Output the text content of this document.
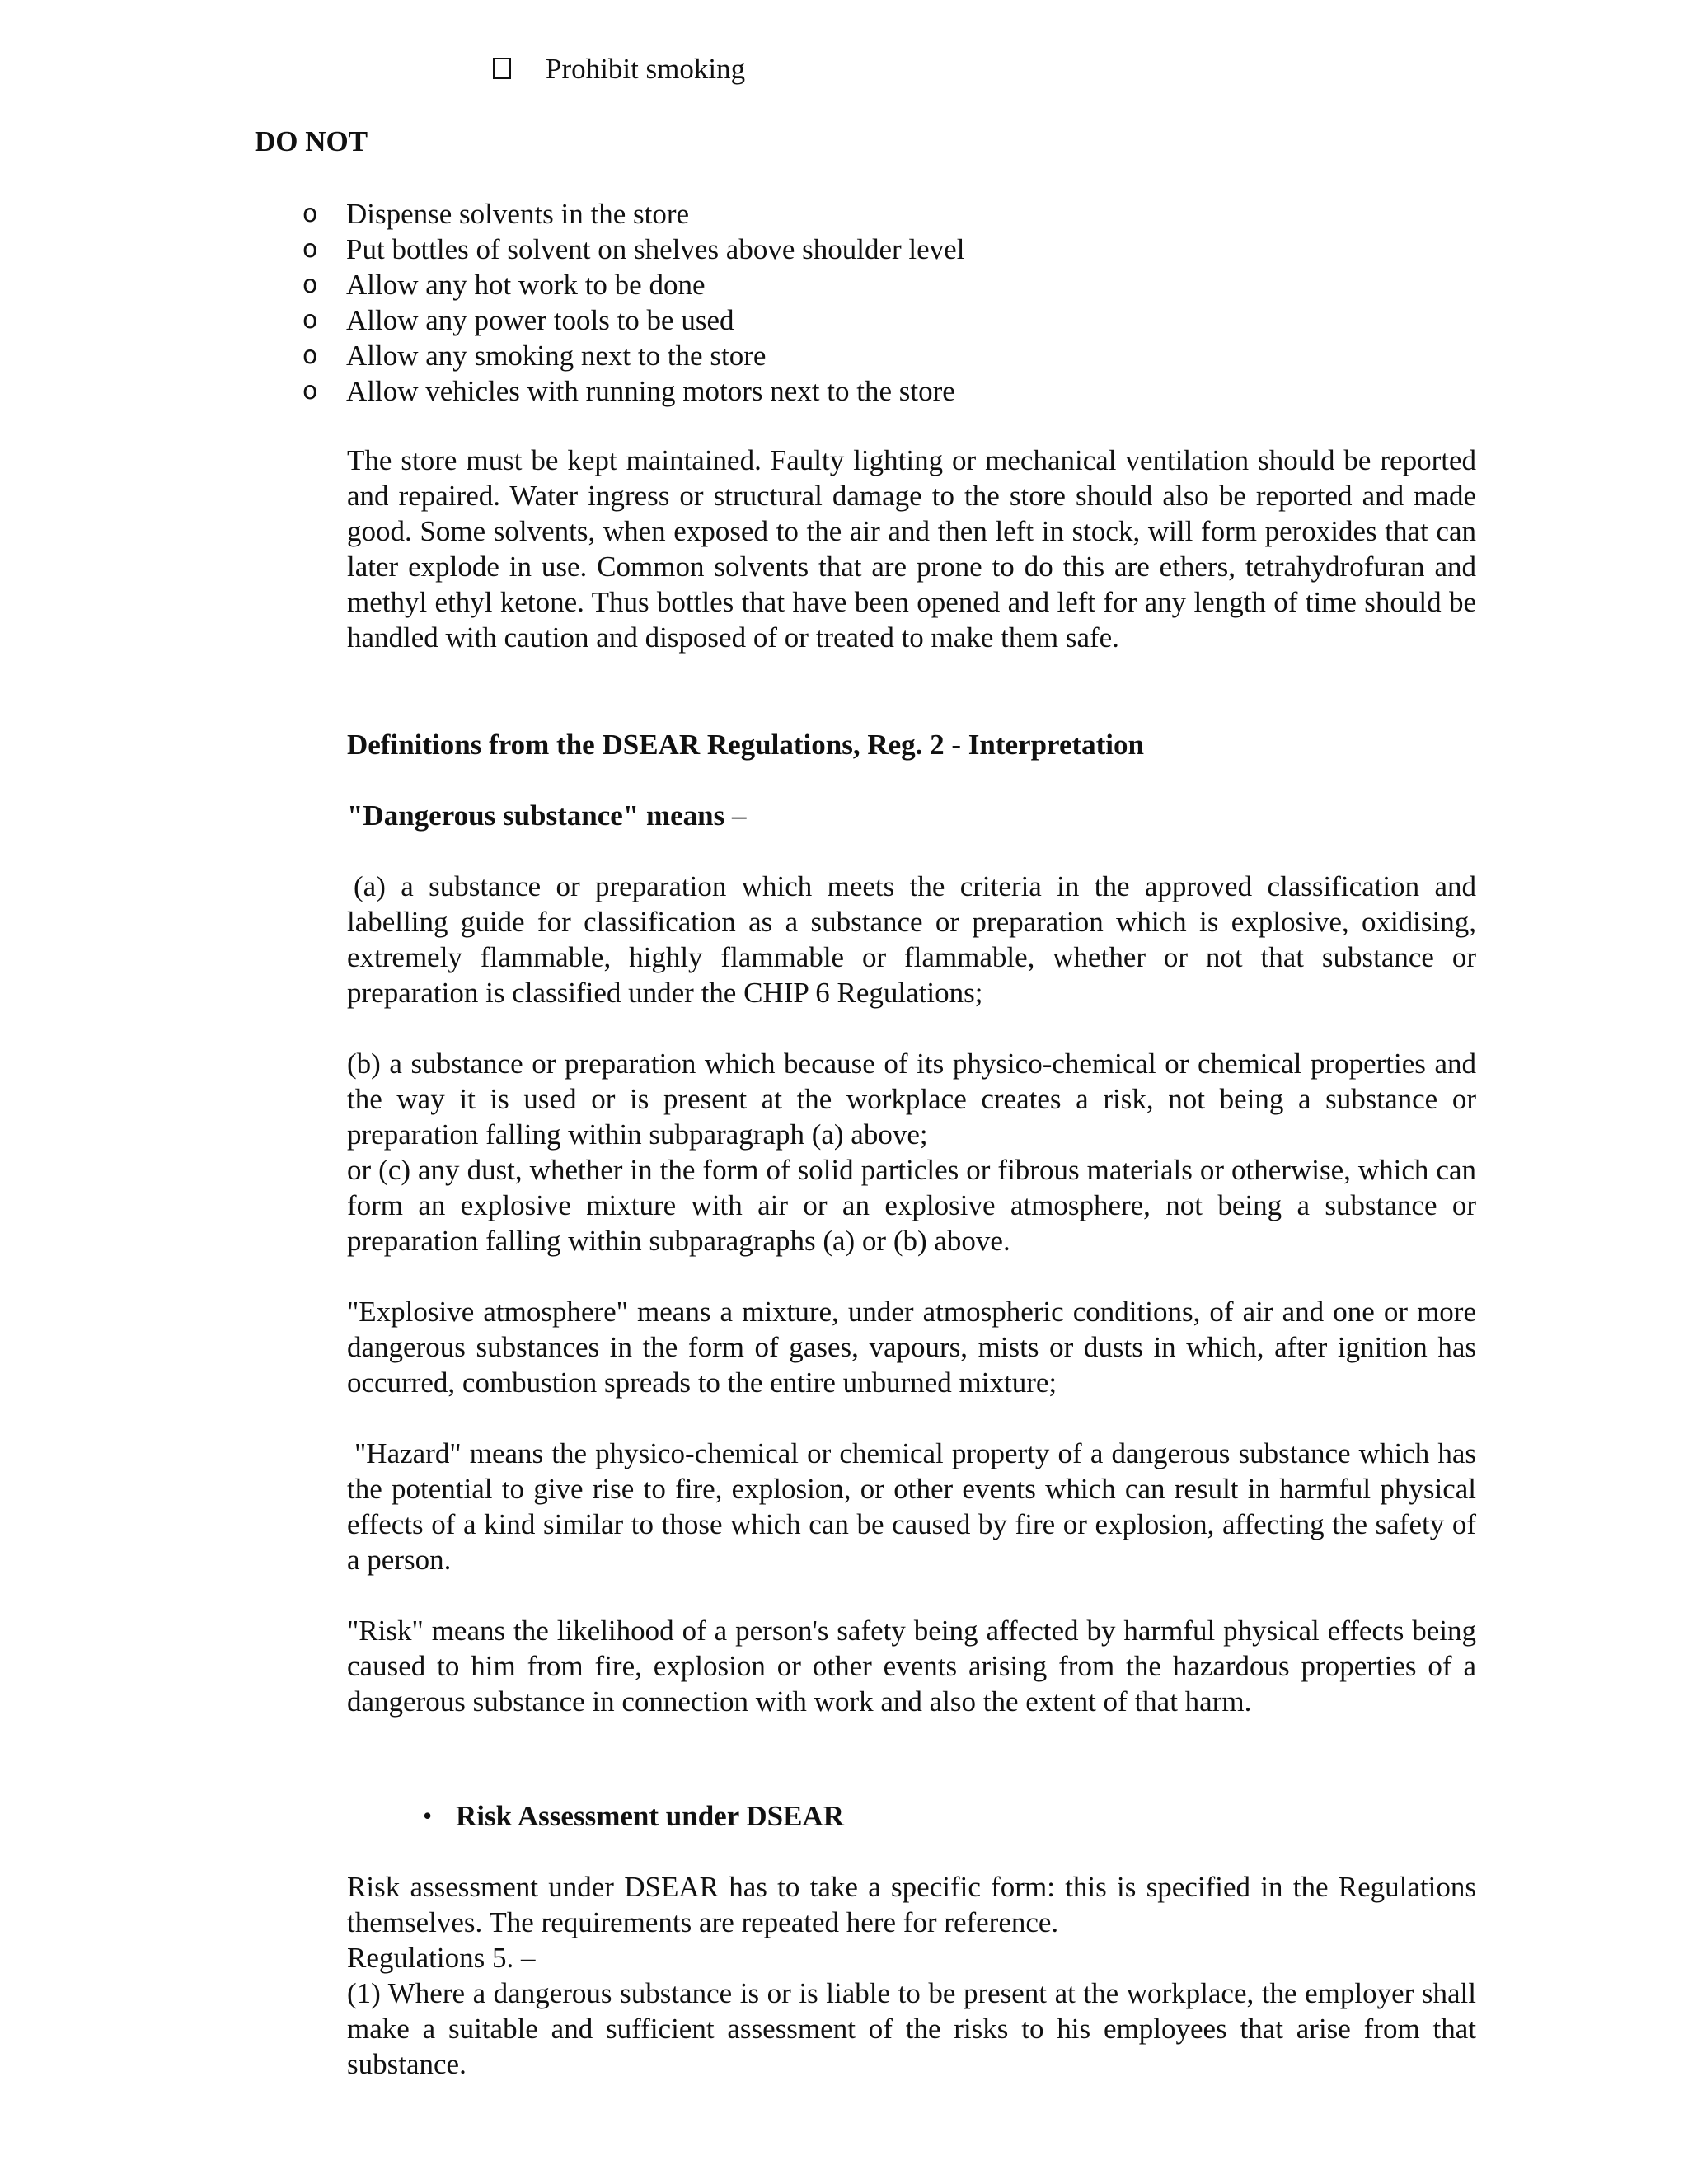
Prohibit smoking
DO NOT
o Dispense solvents in the store
o Put bottles of solvent on shelves above shoulder level
o Allow any hot work to be done
o Allow any power tools to be used
o Allow any smoking next to the store
o Allow vehicles with running motors next to the store

The store must be kept maintained. Faulty lighting or mechanical ventilation should be reported and repaired. Water ingress or structural damage to the store should also be reported and made good. Some solvents, when exposed to the air and then left in stock, will form peroxides that can later explode in use. Common solvents that are prone to do this are ethers, tetrahydrofuran and methyl ethyl ketone. Thus bottles that have been opened and left for any length of time should be handled with caution and disposed of or treated to make them safe.

Definitions from the DSEAR Regulations, Reg. 2 - Interpretation
"Dangerous substance" means –

(a) a substance or preparation which meets the criteria in the approved classification and labelling guide for classification as a substance or preparation which is explosive, oxidising, extremely flammable, highly flammable or flammable, whether or not that substance or preparation is classified under the CHIP 6 Regulations;

(b) a substance or preparation which because of its physico-chemical or chemical properties and the way it is used or is present at the workplace creates a risk, not being a substance or preparation falling within subparagraph (a) above;

or (c) any dust, whether in the form of solid particles or fibrous materials or otherwise, which can form an explosive mixture with air or an explosive atmosphere, not being a substance or preparation falling within subparagraphs (a) or (b) above.

"Explosive atmosphere" means a mixture, under atmospheric conditions, of air and one or more dangerous substances in the form of gases, vapours, mists or dusts in which, after ignition has occurred, combustion spreads to the entire unburned mixture;

"Hazard" means the physico-chemical or chemical property of a dangerous substance which has the potential to give rise to fire, explosion, or other events which can result in harmful physical effects of a kind similar to those which can be caused by fire or explosion, affecting the safety of a person.

"Risk" means the likelihood of a person's safety being affected by harmful physical effects being caused to him from fire, explosion or other events arising from the hazardous properties of a dangerous substance in connection with work and also the extent of that harm.

• Risk Assessment under DSEAR

Risk assessment under DSEAR has to take a specific form: this is specified in the Regulations themselves. The requirements are repeated here for reference.

Regulations 5. –

(1) Where a dangerous substance is or is liable to be present at the workplace, the employer shall make a suitable and sufficient assessment of the risks to his employees that arise from that substance.
